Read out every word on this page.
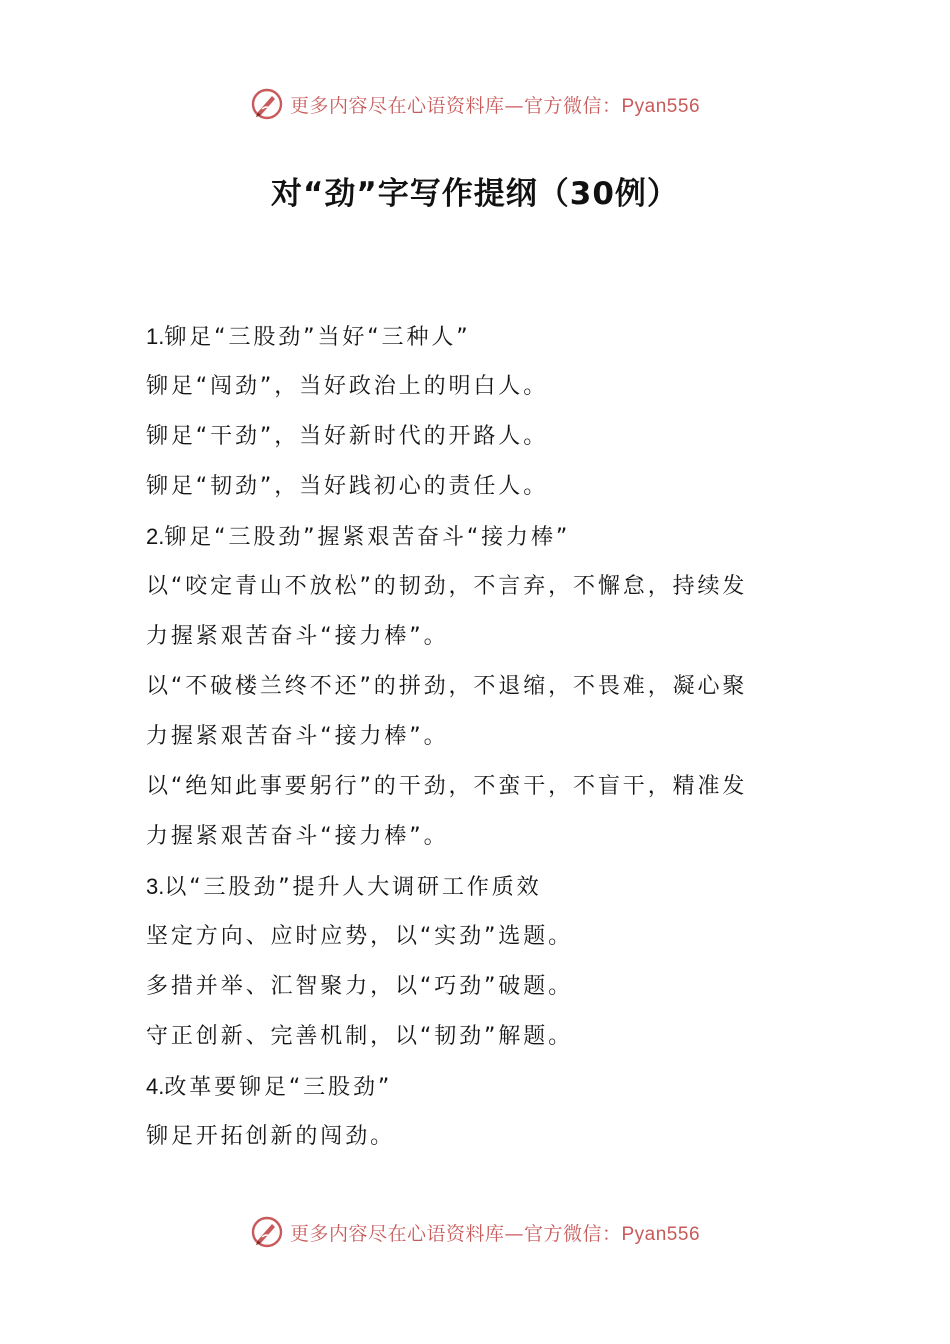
更多内容尽在心语资料库—官方微信：Pyan556
对“劲”字写作提纲（30例）
1.铆足“三股劲”当好“三种人”
铆足“闯劲”，当好政治上的明白人。
铆足“干劲”，当好新时代的开路人。
铆足“韧劲”，当好践初心的责任人。
2.铆足“三股劲”握紧艰苦奋斗“接力棒”
以“咬定青山不放松”的韧劲，不言弃，不懈怠，持续发
力握紧艰苦奋斗“接力棒”。
以“不破楼兰终不还”的拼劲，不退缩，不畏难，凝心聚
力握紧艰苦奋斗“接力棒”。
以“绝知此事要躬行”的干劲，不蛮干，不盲干，精准发
力握紧艰苦奋斗“接力棒”。
3.以“三股劲”提升人大调研工作质效
坚定方向、应时应势，以“实劲”选题。
多措并举、汇智聚力，以“巧劲”破题。
守正创新、完善机制，以“韧劲”解题。
4.改革要铆足“三股劲”
铆足开拓创新的闯劲。
更多内容尽在心语资料库—官方微信：Pyan556
